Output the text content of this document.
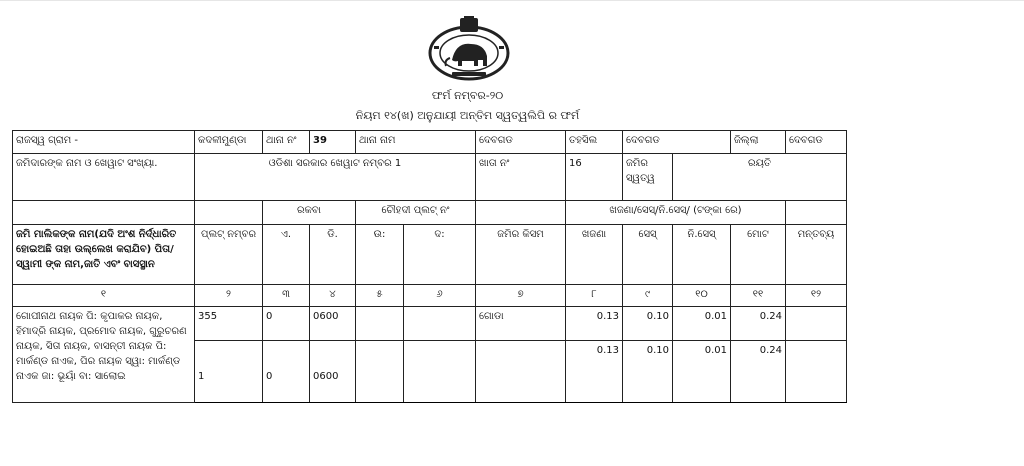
ଫର୍ମ ନମ୍ବର-୨୦
ନିୟମ ୧୪(ଖ) ଅନୁଯାୟୀ ଅନ୍ତିମ ସ୍ୱତ୍ୱଲିପି ର ଫର୍ମ
ରାଜସ୍ୱ ଗ୍ରାମ -	କଦଳୀମୁଣ୍ଡା	ଥାନା ନଂ	39	ଥାନା ନାମ		ଦେବଗଡ	ତହସିଲ	ଦେବଗଡ		ଜିଲ୍ଲା	ଦେବଗଡ
ଜମିଦାରଙ୍କ ନାମ ଓ ଖେୱାଟ ସଂଖ୍ୟା.	ଓଡିଶା ସରକାର ଖେୱାଟ ନମ୍ବର 1					ଖାତା ନଂ	16	ଜମିର ସ୍ୱତ୍ୱ	ରୟତି		
		ରକବା		ଚୌହଦୀ ପ୍ଲଟ୍ ନଂ			ଖଜଣା/ସେସ୍/ନି.ସେସ୍/ (ଟଙ୍କା ରେ)				
ଜମି ମାଲିକଙ୍କ ନାମ(ଯଦି ଅଂଶ ନିର୍ଦ୍ଧାରିତ ହୋଇଅଛି ତାହା ଉଲ୍ଲେଖ କରାଯିବ) ପିତା/ସ୍ୱାମୀ ଙ୍କ ନାମ,ଜାତି ଏବଂ ବାସସ୍ଥାନ	ପ୍ଲଟ୍ ନମ୍ବର	ଏ.	ଡି.	ଉ:	ଦ:	ଜମିର କିସମ	ଖଜଣା	ସେସ୍	ନି.ସେସ୍	ମୋଟ	ମନ୍ତବ୍ୟ
୧	୨	୩	୪	୫	୬	୭	୮	୯	୧୦	୧୧	୧୨
ଗୋପୀନାଥ ନାୟକ ପି: କୃପାକର ନାୟକ, ହିମାଦ୍ରି ନାୟକ, ପ୍ରମୋଦ ନାୟକ, ଗୁରୁଚରଣ ନାୟକ, ସିତା ନାୟକ, ବାସନ୍ତୀ ନାୟକ ପି: ମାର୍କଣ୍ଡ ନାଏକ, ପିର ନାୟକ ସ୍ୱା: ମାର୍କଣ୍ଡ ନାଏକ ଜା: ଭୂୟାଁ ବା: ସାଲୋଇ	355	0	0600			ଗୋଡା	0.13	0.10	0.01	0.24	
	1	0	0600				0.13	0.10	0.01	0.24	
